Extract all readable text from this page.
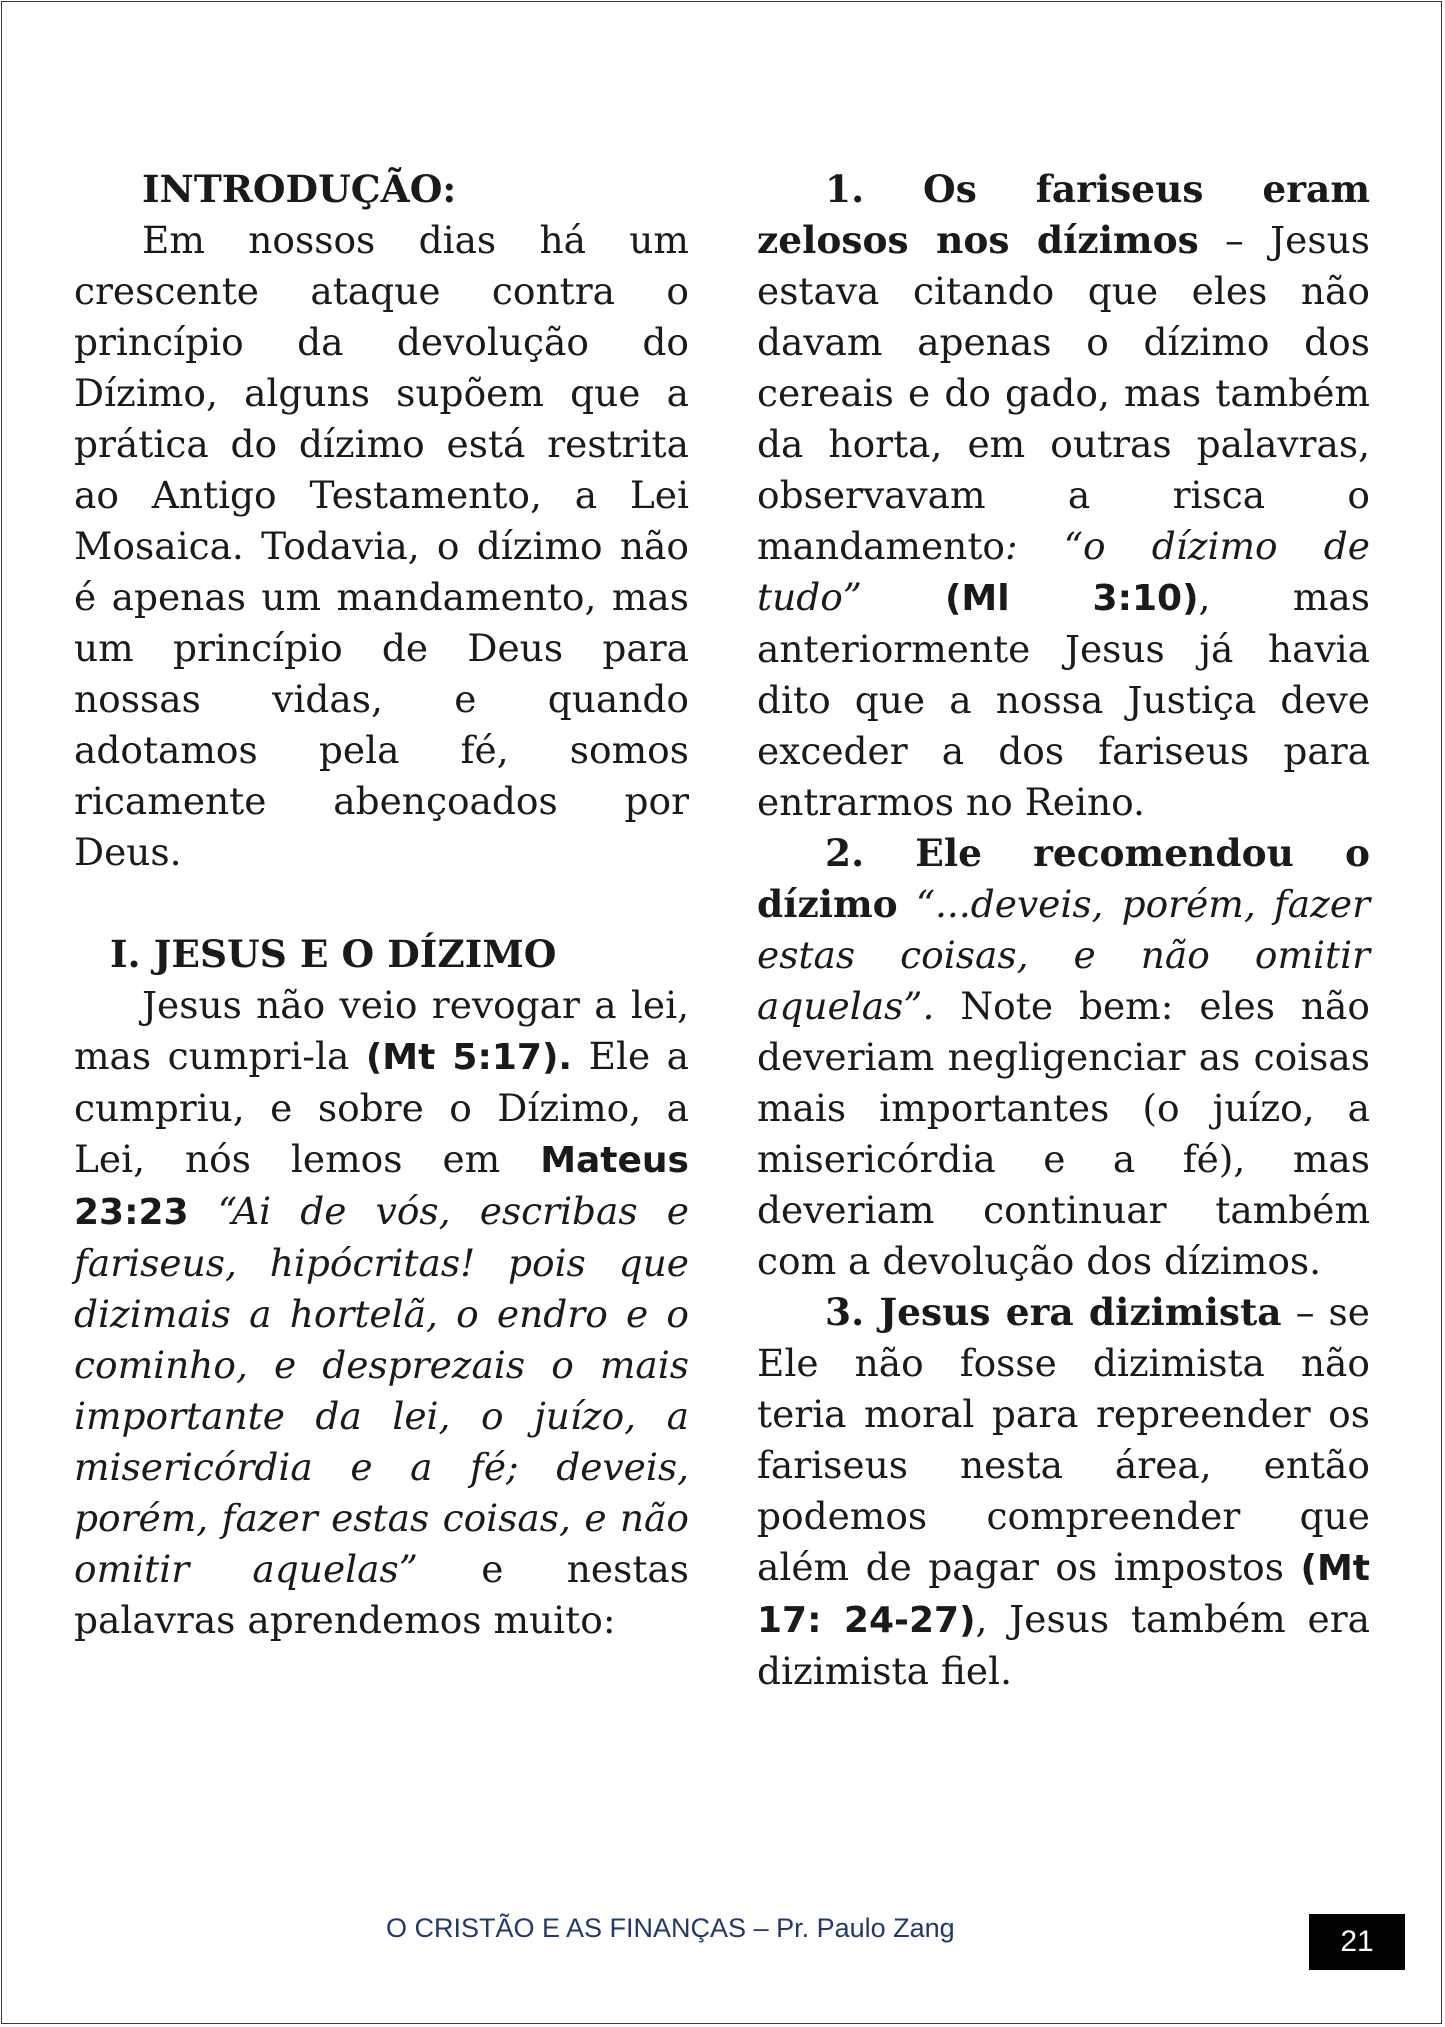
INTRODUÇÃO:

Em nossos dias há um crescente ataque contra o princípio da devolução do Dízimo, alguns supõem que a prática do dízimo está restrita ao Antigo Testamento, a Lei Mosaica. Todavia, o dízimo não é apenas um mandamento, mas um princípio de Deus para nossas vidas, e quando adotamos pela fé, somos ricamente abençoados por Deus.

I. JESUS E O DÍZIMO

Jesus não veio revogar a lei, mas cumpri-la (Mt 5:17). Ele a cumpriu, e sobre o Dízimo, a Lei, nós lemos em Mateus 23:23 “Ai de vós, escribas e fariseus, hipócritas! pois que dizimais a hortelã, o endro e o cominho, e desprezais o mais importante da lei, o juízo, a misericórdia e a fé; deveis, porém, fazer estas coisas, e não omitir aquelas” e nestas palavras aprendemos muito:

1. Os fariseus eram zelosos nos dízimos – Jesus estava citando que eles não davam apenas o dízimo dos cereais e do gado, mas também da horta, em outras palavras, observavam a risca o mandamento: “o dízimo de tudo” (Ml 3:10), mas anteriormente Jesus já havia dito que a nossa Justiça deve exceder a dos fariseus para entrarmos no Reino.

2. Ele recomendou o dízimo “...deveis, porém, fazer estas coisas, e não omitir aquelas”. Note bem: eles não deveriam negligenciar as coisas mais importantes (o juízo, a misericórdia e a fé), mas deveriam continuar também com a devolução dos dízimos.

3. Jesus era dizimista – se Ele não fosse dizimista não teria moral para repreender os fariseus nesta área, então podemos compreender que além de pagar os impostos (Mt 17: 24-27), Jesus também era dizimista fiel.

O CRISTÃO E AS FINANÇAS – Pr. Paulo Zang	21
